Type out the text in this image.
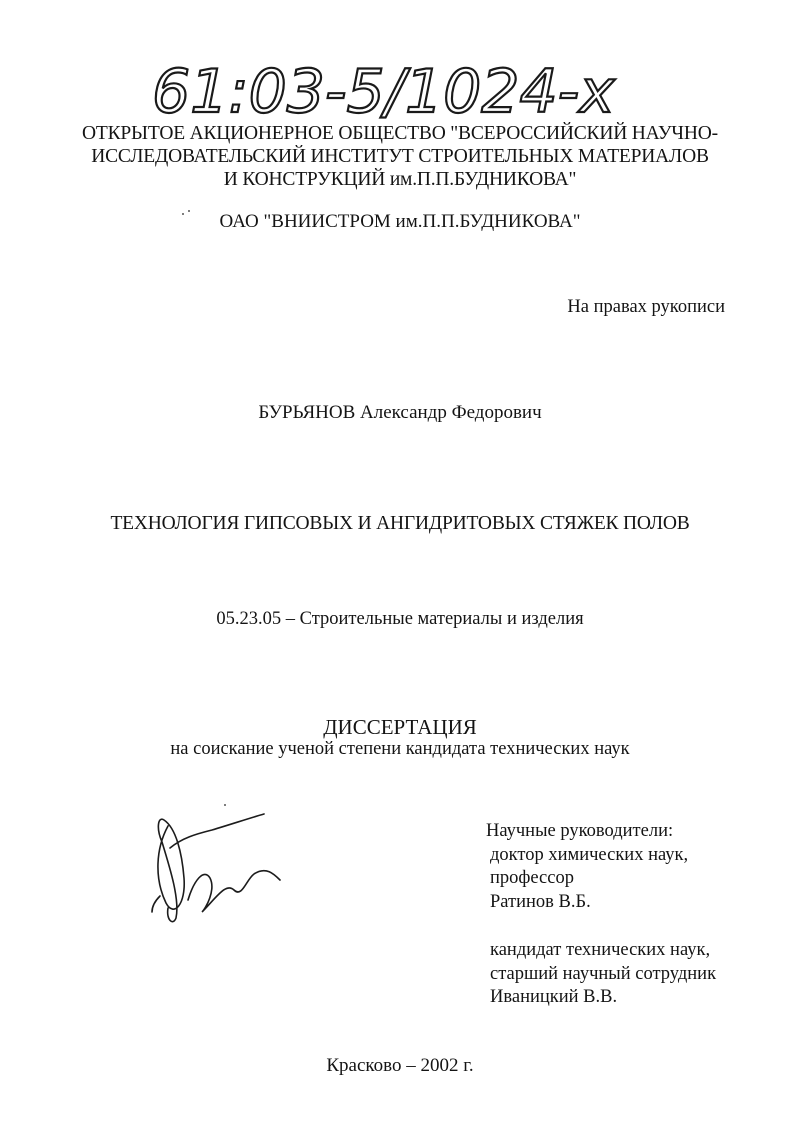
61:03-5/1024-x
ОТКРЫТОЕ АКЦИОНЕРНОЕ ОБЩЕСТВО "ВСЕРОССИЙСКИЙ НАУЧНО-
ИССЛЕДОВАТЕЛЬСКИЙ ИНСТИТУТ СТРОИТЕЛЬНЫХ МАТЕРИАЛОВ
И КОНСТРУКЦИЙ им.П.П.БУДНИКОВА"
ОАО "ВНИИСТРОМ им.П.П.БУДНИКОВА"
На правах рукописи
БУРЬЯНОВ Александр Федорович
ТЕХНОЛОГИЯ ГИПСОВЫХ И АНГИДРИТОВЫХ СТЯЖЕК ПОЛОВ
05.23.05 – Строительные материалы и изделия
ДИССЕРТАЦИЯ
на соискание ученой степени кандидата технических наук
Научные руководители:
доктор химических наук,
профессор
Ратинов В.Б.
кандидат технических наук,
старший научный сотрудник
Иваницкий В.В.
Красково – 2002 г.
